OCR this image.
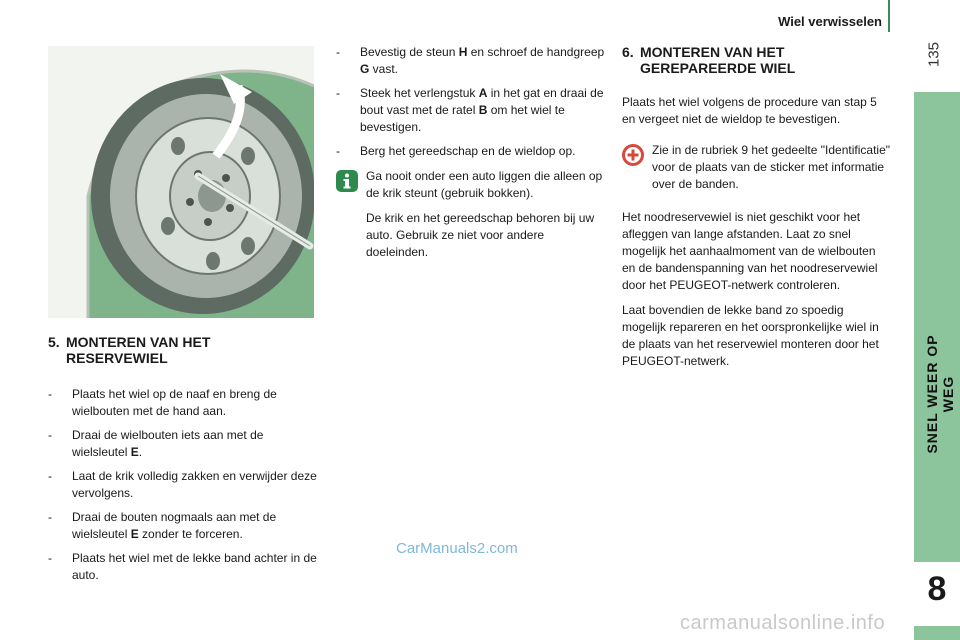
Wiel verwisselen
135
SNEL WEER OP WEG
8
5. MONTEREN VAN HET
RESERVEWIEL
- Plaats het wiel op de naaf en breng de wielbouten met de hand aan.
- Draai de wielbouten iets aan met de wielsleutel E.
- Laat de krik volledig zakken en verwijder deze vervolgens.
- Draai de bouten nogmaals aan met de wielsleutel E zonder te forceren.
- Plaats het wiel met de lekke band achter in de auto.
- Bevestig de steun H en schroef de handgreep G vast.
- Steek het verlengstuk A in het gat en draai de bout vast met de ratel B om het wiel te bevestigen.
- Berg het gereedschap en de wieldop op.

Ga nooit onder een auto liggen die alleen op de krik steunt (gebruik bokken).

De krik en het gereedschap behoren bij uw auto. Gebruik ze niet voor andere doeleinden.

6. MONTEREN VAN HET
GEREPAREERDE WIEL

Plaats het wiel volgens de procedure van stap 5 en vergeet niet de wieldop te bevestigen.

Zie in de rubriek 9 het gedeelte "Identificatie" voor de plaats van de sticker met informatie over de banden.

Het noodreservewiel is niet geschikt voor het afleggen van lange afstanden. Laat zo snel mogelijk het aanhaalmoment van de wielbouten en de bandenspanning van het noodreservewiel door het PEUGEOT-netwerk controleren.

Laat bovendien de lekke band zo spoedig mogelijk repareren en het oorspronkelijke wiel in de plaats van het reservewiel monteren door het PEUGEOT-netwerk.

CarManuals2.com
carmanualsonline.info
